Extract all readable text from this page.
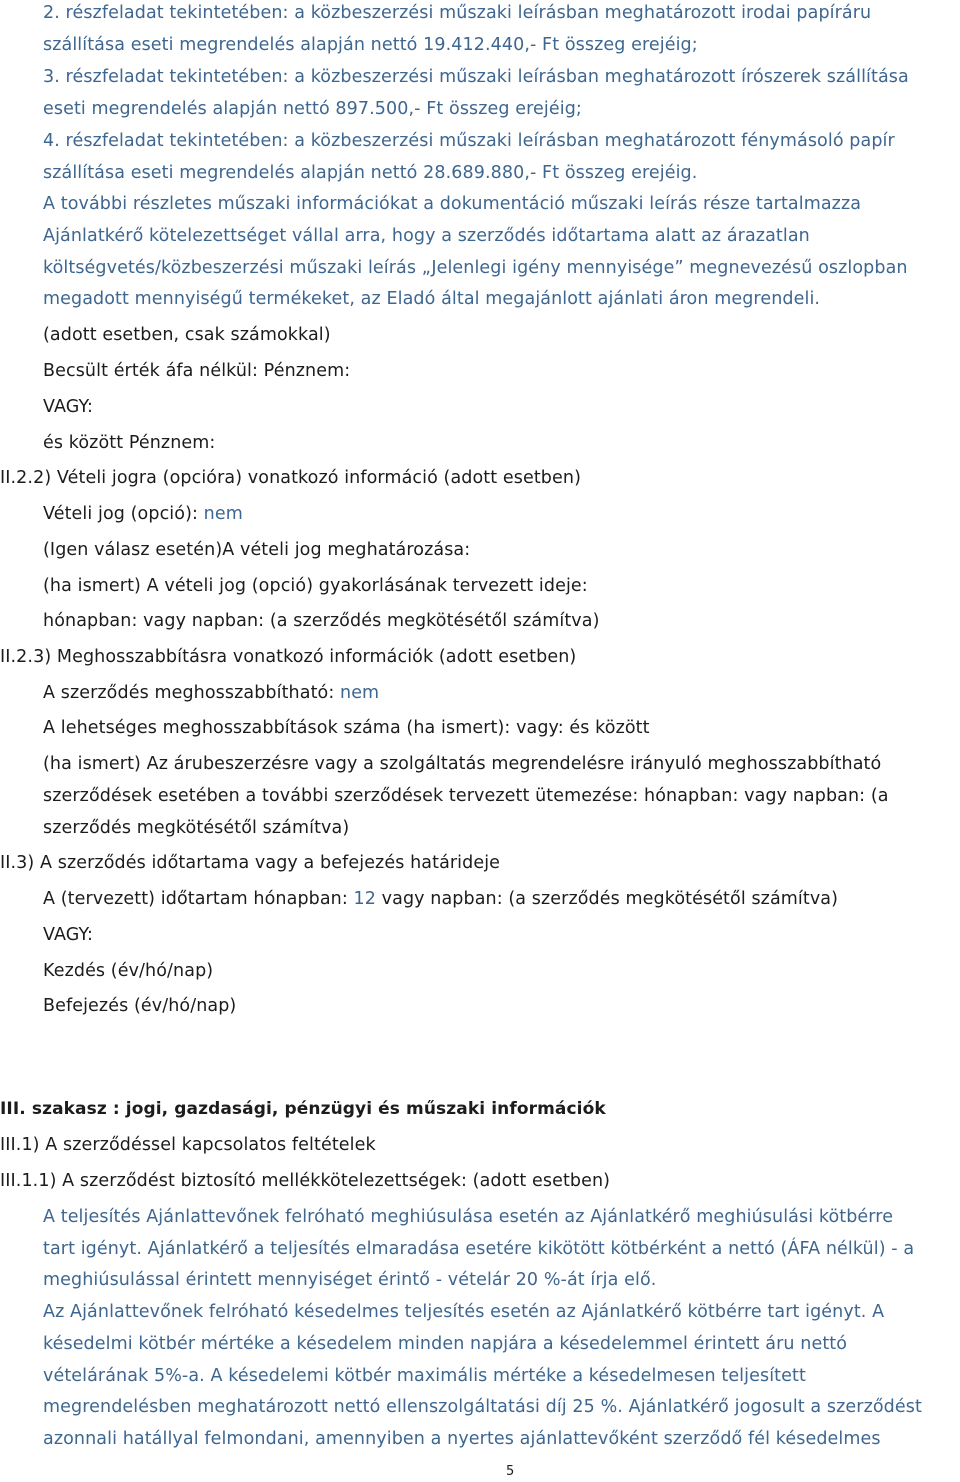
2. részfeladat tekintetében: a közbeszerzési műszaki leírásban meghatározott irodai papíráru
szállítása eseti megrendelés alapján nettó 19.412.440,- Ft összeg erejéig;
3. részfeladat tekintetében: a közbeszerzési műszaki leírásban meghatározott írószerek szállítása
eseti megrendelés alapján nettó 897.500,- Ft összeg erejéig;
4. részfeladat tekintetében: a közbeszerzési műszaki leírásban meghatározott fénymásoló papír
szállítása eseti megrendelés alapján nettó 28.689.880,- Ft összeg erejéig.
A további részletes műszaki információkat a dokumentáció műszaki leírás része tartalmazza
Ajánlatkérő kötelezettséget vállal arra, hogy a szerződés időtartama alatt az árazatlan
költségvetés/közbeszerzési műszaki leírás „Jelenlegi igény mennyisége” megnevezésű oszlopban
megadott mennyiségű termékeket, az Eladó által megajánlott ajánlati áron megrendeli.
(adott esetben, csak számokkal)
Becsült érték áfa nélkül: Pénznem:
VAGY:
és között Pénznem:
II.2.2) Vételi jogra (opcióra) vonatkozó információ (adott esetben)
Vételi jog (opció): nem
(Igen válasz esetén)A vételi jog meghatározása:
(ha ismert) A vételi jog (opció) gyakorlásának tervezett ideje:
hónapban: vagy napban: (a szerződés megkötésétől számítva)
II.2.3) Meghosszabbításra vonatkozó információk (adott esetben)
A szerződés meghosszabbítható: nem
A lehetséges meghosszabbítások száma (ha ismert): vagy: és között
(ha ismert) Az árubeszerzésre vagy a szolgáltatás megrendelésre irányuló meghosszabbítható
szerződések esetében a további szerződések tervezett ütemezése: hónapban: vagy napban: (a
szerződés megkötésétől számítva)
II.3) A szerződés időtartama vagy a befejezés határideje
A (tervezett) időtartam hónapban: 12 vagy napban: (a szerződés megkötésétől számítva)
VAGY:
Kezdés (év/hó/nap)
Befejezés (év/hó/nap)
III. szakasz : jogi, gazdasági, pénzügyi és műszaki információk
III.1) A szerződéssel kapcsolatos feltételek
III.1.1) A szerződést biztosító mellékkötelezettségek: (adott esetben)
A teljesítés Ajánlattevőnek felróható meghiúsulása esetén az Ajánlatkérő meghiúsulási kötbérre
tart igényt. Ajánlatkérő a teljesítés elmaradása esetére kikötött kötbérként a nettó (ÁFA nélkül) - a
meghiúsulással érintett mennyiséget érintő - vételár 20 %-át írja elő.
Az Ajánlattevőnek felróható késedelmes teljesítés esetén az Ajánlatkérő kötbérre tart igényt. A
késedelmi kötbér mértéke a késedelem minden napjára a késedelemmel érintett áru nettó
vételárának 5%-a. A késedelemi kötbér maximális mértéke a késedelmesen teljesített
megrendelésben meghatározott nettó ellenszolgáltatási díj 25 %. Ajánlatkérő jogosult a szerződést
azonnali hatállyal felmondani, amennyiben a nyertes ajánlattevőként szerződő fél késedelmes
5
